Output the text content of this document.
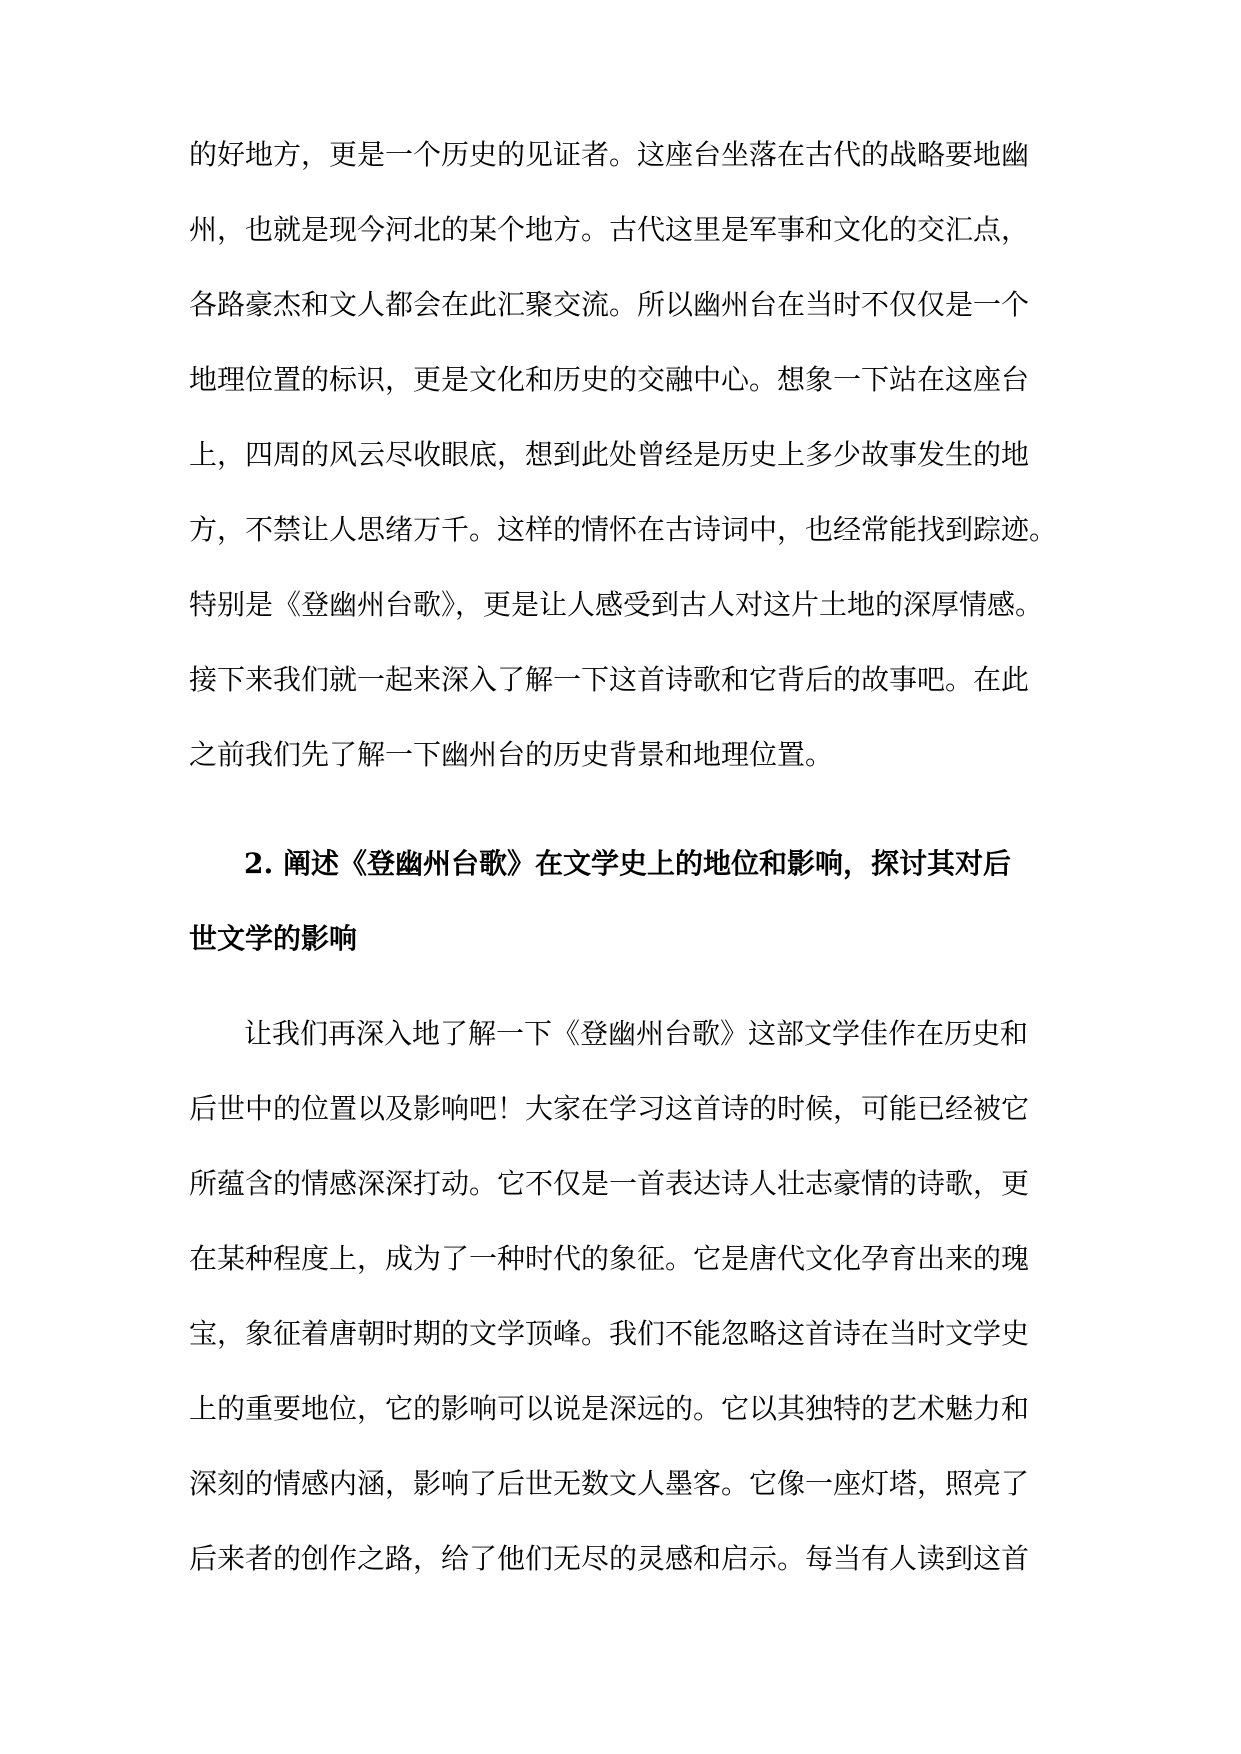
的好地方，更是一个历史的见证者。这座台坐落在古代的战略要地幽
州，也就是现今河北的某个地方。古代这里是军事和文化的交汇点，
各路豪杰和文人都会在此汇聚交流。所以幽州台在当时不仅仅是一个
地理位置的标识，更是文化和历史的交融中心。想象一下站在这座台
上，四周的风云尽收眼底，想到此处曾经是历史上多少故事发生的地
方，不禁让人思绪万千。这样的情怀在古诗词中，也经常能找到踪迹。
特别是《登幽州台歌》，更是让人感受到古人对这片土地的深厚情感。
接下来我们就一起来深入了解一下这首诗歌和它背后的故事吧。在此
之前我们先了解一下幽州台的历史背景和地理位置。
2. 阐述《登幽州台歌》在文学史上的地位和影响，探讨其对后
世文学的影响
让我们再深入地了解一下《登幽州台歌》这部文学佳作在历史和
后世中的位置以及影响吧！大家在学习这首诗的时候，可能已经被它
所蕴含的情感深深打动。它不仅是一首表达诗人壮志豪情的诗歌，更
在某种程度上，成为了一种时代的象征。它是唐代文化孕育出来的瑰
宝，象征着唐朝时期的文学顶峰。我们不能忽略这首诗在当时文学史
上的重要地位，它的影响可以说是深远的。它以其独特的艺术魅力和
深刻的情感内涵，影响了后世无数文人墨客。它像一座灯塔，照亮了
后来者的创作之路，给了他们无尽的灵感和启示。每当有人读到这首
